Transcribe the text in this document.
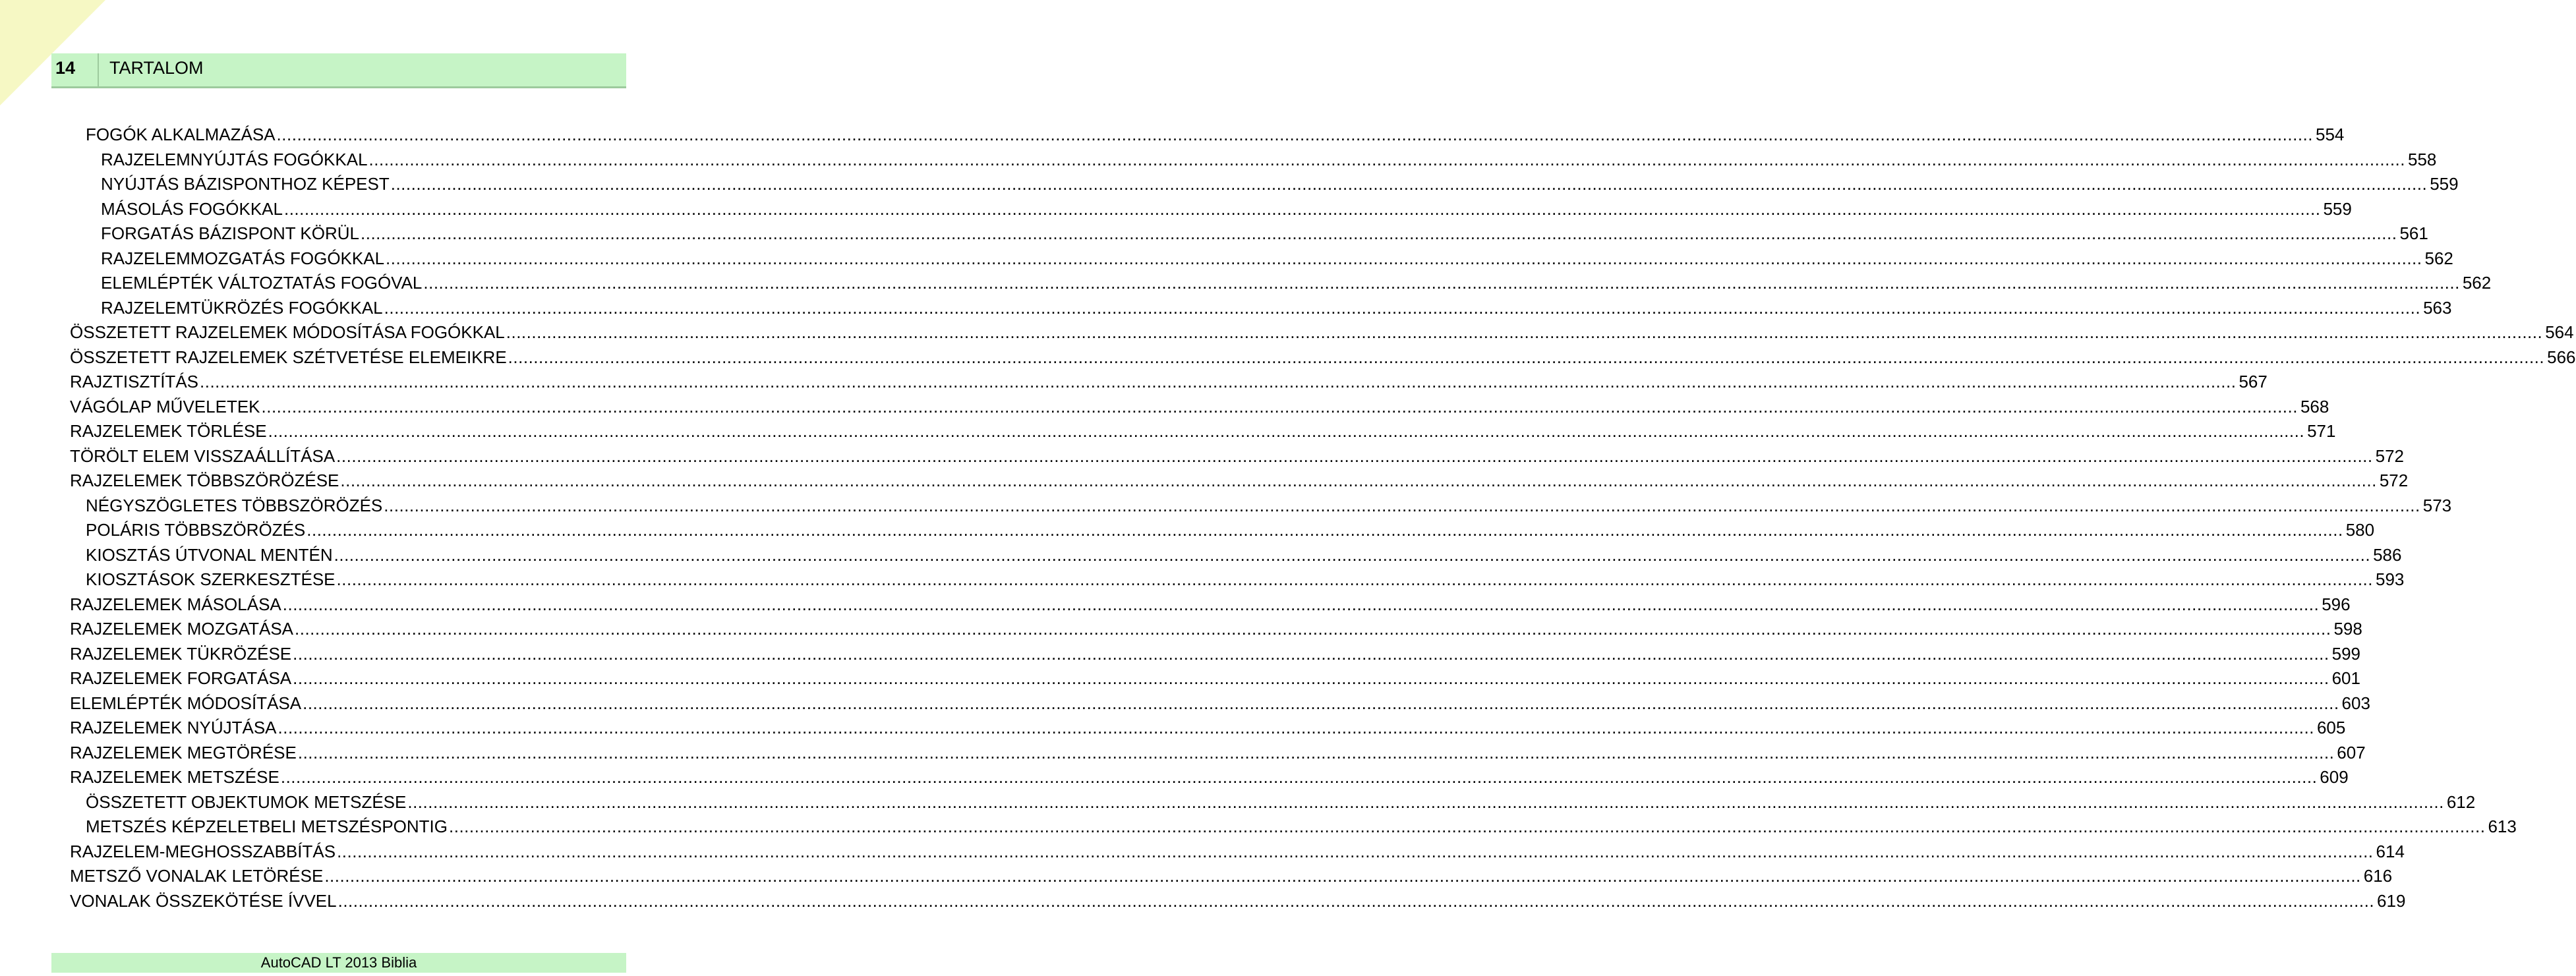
14 TARTALOM
FOGÓK ALKALMAZÁSA ................................................................................................................................................................................................................................................................................................................................................................................................................ 554
RAJZELEMNYÚJTÁS FOGÓKKAL ................................................................................................................................................................................................................................................................................................................................................................................................................ 558
NYÚJTÁS BÁZISPONTHOZ KÉPEST ................................................................................................................................................................................................................................................................................................................................................................................................................ 559
MÁSOLÁS FOGÓKKAL ................................................................................................................................................................................................................................................................................................................................................................................................................ 559
FORGATÁS BÁZISPONT KÖRÜL ................................................................................................................................................................................................................................................................................................................................................................................................................ 561
RAJZELEMMOZGATÁS FOGÓKKAL ................................................................................................................................................................................................................................................................................................................................................................................................................ 562
ELEMLÉPTÉK VÁLTOZTATÁS FOGÓVAL ................................................................................................................................................................................................................................................................................................................................................................................................................ 562
RAJZELEMTÜKRÖZÉS FOGÓKKAL ................................................................................................................................................................................................................................................................................................................................................................................................................ 563
ÖSSZETETT RAJZELEMEK MÓDOSÍTÁSA FOGÓKKAL ................................................................................................................................................................................................................................................................................................................................................................................................................ 564
ÖSSZETETT RAJZELEMEK SZÉTVETÉSE ELEMEIKRE ................................................................................................................................................................................................................................................................................................................................................................................................................ 566
RAJZTISZTÍTÁS ................................................................................................................................................................................................................................................................................................................................................................................................................ 567
VÁGÓLAP MŰVELETEK ................................................................................................................................................................................................................................................................................................................................................................................................................ 568
RAJZELEMEK TÖRLÉSE ................................................................................................................................................................................................................................................................................................................................................................................................................ 571
TÖRÖLT ELEM VISSZAÁLLÍTÁSA ................................................................................................................................................................................................................................................................................................................................................................................................................ 572
RAJZELEMEK TÖBBSZÖRÖZÉSE ................................................................................................................................................................................................................................................................................................................................................................................................................ 572
NÉGYSZÖGLETES TÖBBSZÖRÖZÉS ................................................................................................................................................................................................................................................................................................................................................................................................................ 573
POLÁRIS TÖBBSZÖRÖZÉS ................................................................................................................................................................................................................................................................................................................................................................................................................ 580
KIOSZTÁS ÚTVONAL MENTÉN ................................................................................................................................................................................................................................................................................................................................................................................................................ 586
KIOSZTÁSOK SZERKESZTÉSE ................................................................................................................................................................................................................................................................................................................................................................................................................ 593
RAJZELEMEK MÁSOLÁSA ................................................................................................................................................................................................................................................................................................................................................................................................................ 596
RAJZELEMEK MOZGATÁSA ................................................................................................................................................................................................................................................................................................................................................................................................................ 598
RAJZELEMEK TÜKRÖZÉSE ................................................................................................................................................................................................................................................................................................................................................................................................................ 599
RAJZELEMEK FORGATÁSA ................................................................................................................................................................................................................................................................................................................................................................................................................ 601
ELEMLÉPTÉK MÓDOSÍTÁSA ................................................................................................................................................................................................................................................................................................................................................................................................................ 603
RAJZELEMEK NYÚJTÁSA ................................................................................................................................................................................................................................................................................................................................................................................................................ 605
RAJZELEMEK MEGTÖRÉSE ................................................................................................................................................................................................................................................................................................................................................................................................................ 607
RAJZELEMEK METSZÉSE ................................................................................................................................................................................................................................................................................................................................................................................................................ 609
ÖSSZETETT OBJEKTUMOK METSZÉSE ................................................................................................................................................................................................................................................................................................................................................................................................................ 612
METSZÉS KÉPZELETBELI METSZÉSPONTIG ................................................................................................................................................................................................................................................................................................................................................................................................................ 613
RAJZELEM-MEGHOSSZABBÍTÁS ................................................................................................................................................................................................................................................................................................................................................................................................................ 614
METSZŐ VONALAK LETÖRÉSE ................................................................................................................................................................................................................................................................................................................................................................................................................ 616
VONALAK ÖSSZEKÖTÉSE ÍVVEL ................................................................................................................................................................................................................................................................................................................................................................................................................ 619
AutoCAD LT 2013 Biblia
